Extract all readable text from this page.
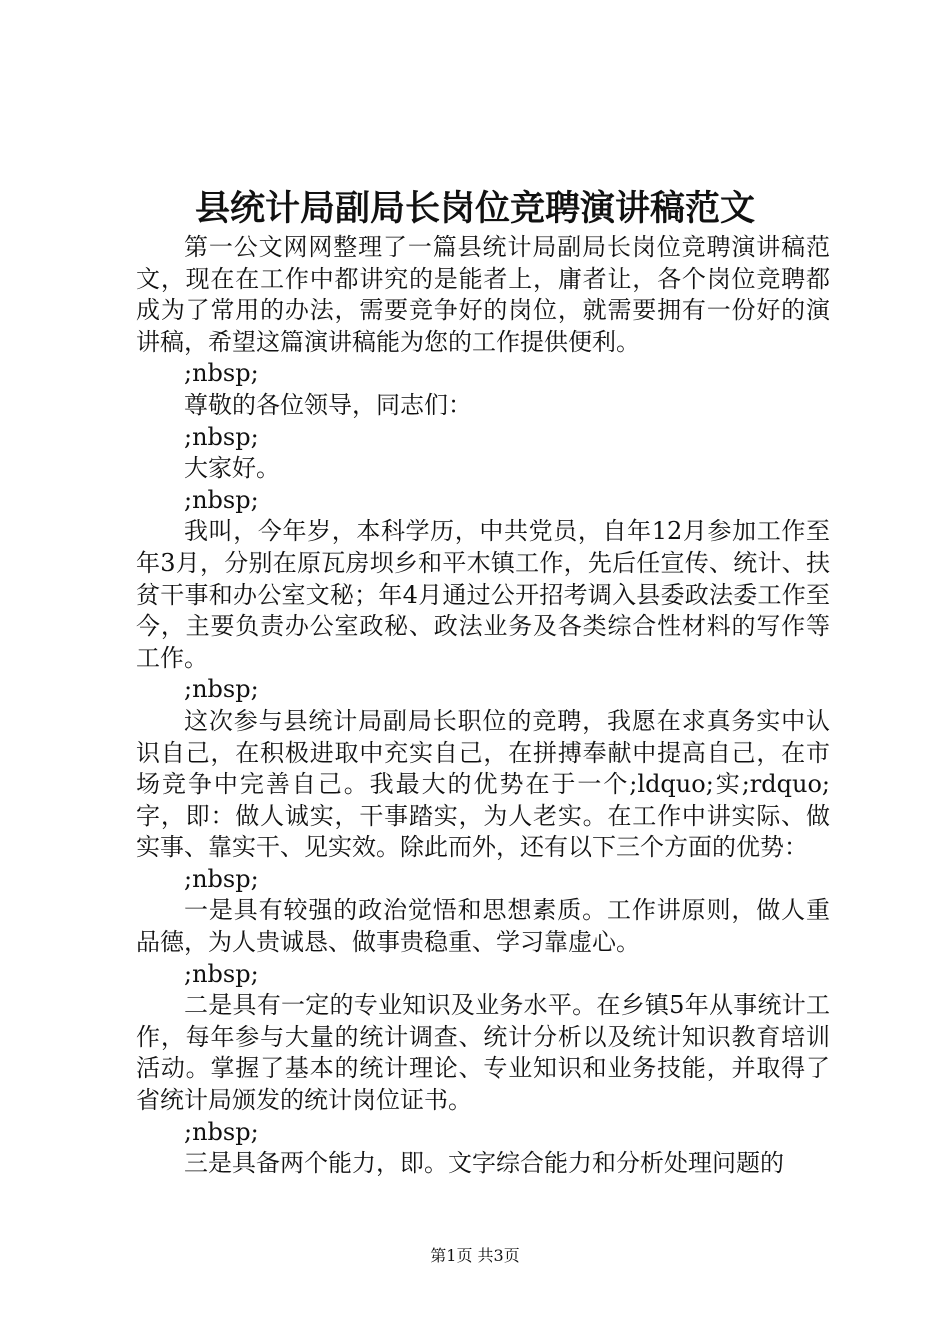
县统计局副局长岗位竞聘演讲稿范文

第一公文网网整理了一篇县统计局副局长岗位竞聘演讲稿范文，现在在工作中都讲究的是能者上，庸者让，各个岗位竞聘都成为了常用的办法，需要竞争好的岗位，就需要拥有一份好的演讲稿，希望这篇演讲稿能为您的工作提供便利。

;nbsp;

尊敬的各位领导，同志们：

;nbsp;

大家好。

;nbsp;

我叫，今年岁，本科学历，中共党员，自年12月参加工作至年3月，分别在原瓦房坝乡和平木镇工作，先后任宣传、统计、扶贫干事和办公室文秘；年4月通过公开招考调入县委政法委工作至今，主要负责办公室政秘、政法业务及各类综合性材料的写作等工作。

;nbsp;

这次参与县统计局副局长职位的竞聘，我愿在求真务实中认识自己，在积极进取中充实自己，在拼搏奉献中提高自己，在市场竞争中完善自己。我最大的优势在于一个;ldquo;实;rdquo;字，即：做人诚实，干事踏实，为人老实。在工作中讲实际、做实事、靠实干、见实效。除此而外，还有以下三个方面的优势：

;nbsp;

一是具有较强的政治觉悟和思想素质。工作讲原则，做人重品德，为人贵诚恳、做事贵稳重、学习靠虚心。

;nbsp;

二是具有一定的专业知识及业务水平。在乡镇5年从事统计工作，每年参与大量的统计调查、统计分析以及统计知识教育培训活动。掌握了基本的统计理论、专业知识和业务技能，并取得了省统计局颁发的统计岗位证书。

;nbsp;

三是具备两个能力，即。文字综合能力和分析处理问题的

第1页 共3页
